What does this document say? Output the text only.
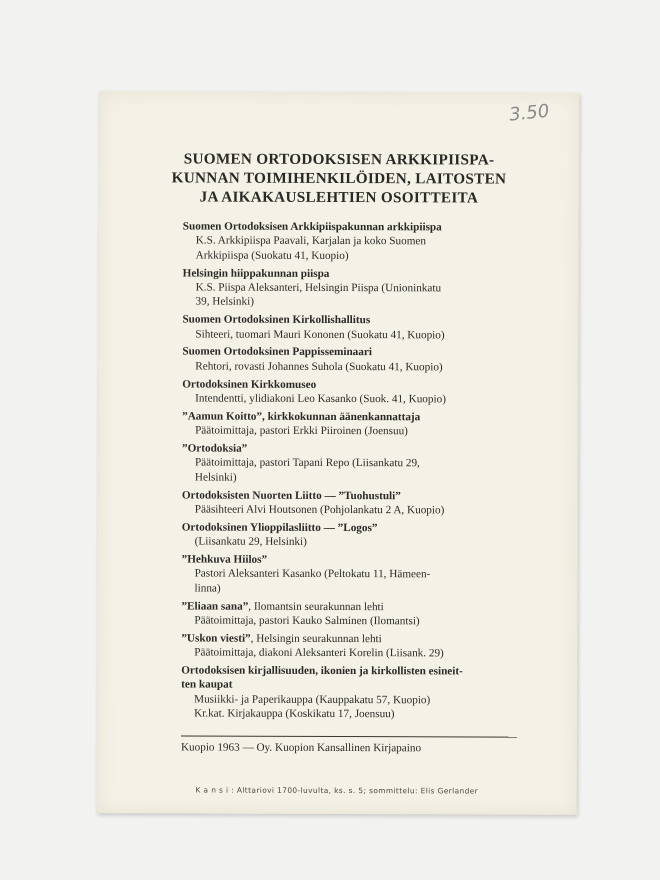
3.50
SUOMEN ORTODOKSISEN ARKKIPIISPA-
KUNNAN TOIMIHENKILÖIDEN, LAITOSTEN
JA AIKAKAUSLEHTIEN OSOITTEITA
Suomen Ortodoksisen Arkkipiispakunnan arkkipiispa
K.S. Arkkipiispa Paavali, Karjalan ja koko Suomen
Arkkipiispa (Suokatu 41, Kuopio)
Helsingin hiippakunnan piispa
K.S. Piispa Aleksanteri, Helsingin Piispa (Unioninkatu
39, Helsinki)
Suomen Ortodoksinen Kirkollishallitus
Sihteeri, tuomari Mauri Kononen (Suokatu 41, Kuopio)
Suomen Ortodoksinen Pappisseminaari
Rehtori, rovasti Johannes Suhola (Suokatu 41, Kuopio)
Ortodoksinen Kirkkomuseo
Intendentti, ylidiakoni Leo Kasanko (Suok. 41, Kuopio)
”Aamun Koitto”, kirkkokunnan äänenkannattaja
Päätoimittaja, pastori Erkki Piiroinen (Joensuu)
”Ortodoksia”
Päätoimittaja, pastori Tapani Repo (Liisankatu 29,
Helsinki)
Ortodoksisten Nuorten Liitto — ”Tuohustuli”
Pääsihteeri Alvi Houtsonen (Pohjolankatu 2 A, Kuopio)
Ortodoksinen Ylioppilasliitto — ”Logos”
(Liisankatu 29, Helsinki)
”Hehkuva Hiilos”
Pastori Aleksanteri Kasanko (Peltokatu 11, Hämeen-
linna)
”Eliaan sana”, Ilomantsin seurakunnan lehti
Päätoimittaja, pastori Kauko Salminen (Ilomantsi)
”Uskon viesti”, Helsingin seurakunnan lehti
Päätoimittaja, diakoni Aleksanteri Korelin (Liisank. 29)
Ortodoksisen kirjallisuuden, ikonien ja kirkollisten esineit-
ten kaupat
Musiikki- ja Paperikauppa (Kauppakatu 57, Kuopio)
Kr.kat. Kirjakauppa (Koskikatu 17, Joensuu)
Kuopio 1963 — Oy. Kuopion Kansallinen Kirjapaino
K a n s i : Alttariovi 1700-luvulta, ks. s. 5; sommittelu: Elis Gerlander
